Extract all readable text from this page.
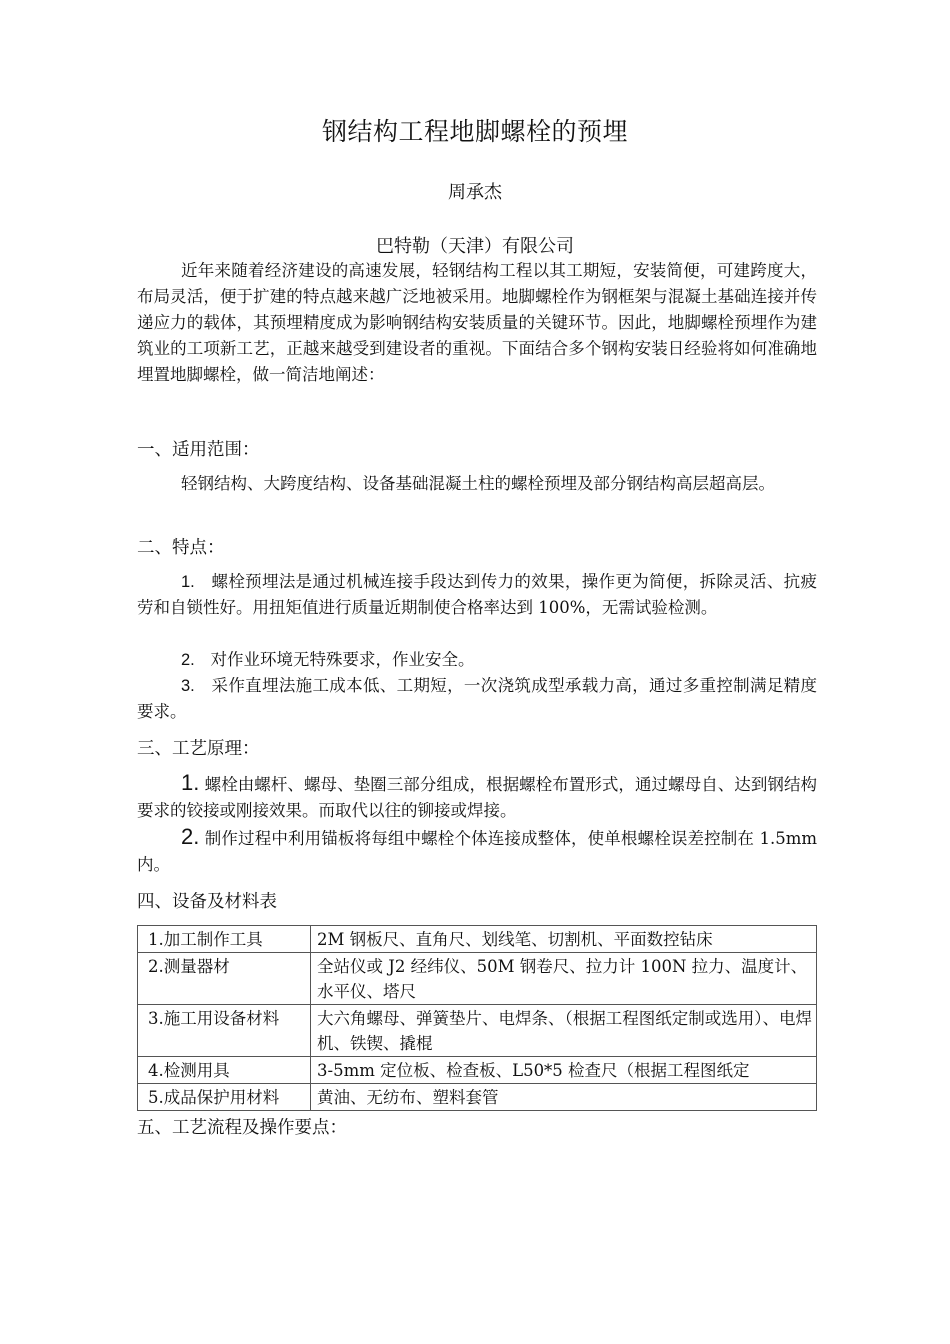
钢结构工程地脚螺栓的预埋
周承杰
巴特勒（天津）有限公司

近年来随着经济建设的高速发展，轻钢结构工程以其工期短，安装简便，可建跨度大，布局灵活，便于扩建的特点越来越广泛地被采用。地脚螺栓作为钢框架与混凝土基础连接并传递应力的载体，其预埋精度成为影响钢结构安装质量的关键环节。因此，地脚螺栓预埋作为建筑业的工项新工艺，正越来越受到建设者的重视。下面结合多个钢构安装日经验将如何准确地埋置地脚螺栓，做一简洁地阐述：

一、适用范围：

轻钢结构、大跨度结构、设备基础混凝土柱的螺栓预埋及部分钢结构高层超高层。

二、特点：

1. 螺栓预埋法是通过机械连接手段达到传力的效果，操作更为简便，拆除灵活、抗疲劳和自锁性好。用扭矩值进行质量近期制使合格率达到 100%，无需试验检测。

2. 对作业环境无特殊要求，作业安全。

3. 采作直埋法施工成本低、工期短，一次浇筑成型承载力高，通过多重控制满足精度要求。

三、工艺原理：

1. 螺栓由螺杆、螺母、垫圈三部分组成，根据螺栓布置形式，通过螺母自、达到钢结构要求的铰接或刚接效果。而取代以往的铆接或焊接。

2. 制作过程中利用锚板将每组中螺栓个体连接成整体，使单根螺栓误差控制在 1.5mm 内。

四、设备及材料表
1.加工制作工具	2M 钢板尺、直角尺、划线笔、切割机、平面数控钻床
2.测量器材	全站仪或 J2 经纬仪、50M 钢卷尺、拉力计 100N 拉力、温度计、水平仪、塔尺
3.施工用设备材料	大六角螺母、弹簧垫片、电焊条、（根据工程图纸定制或选用）、电焊机、铁锲、撬棍
4.检测用具	3-5mm 定位板、检查板、L50*5 检查尺（根据工程图纸定
5.成品保护用材料	黄油、无纺布、塑料套管
五、工艺流程及操作要点：
